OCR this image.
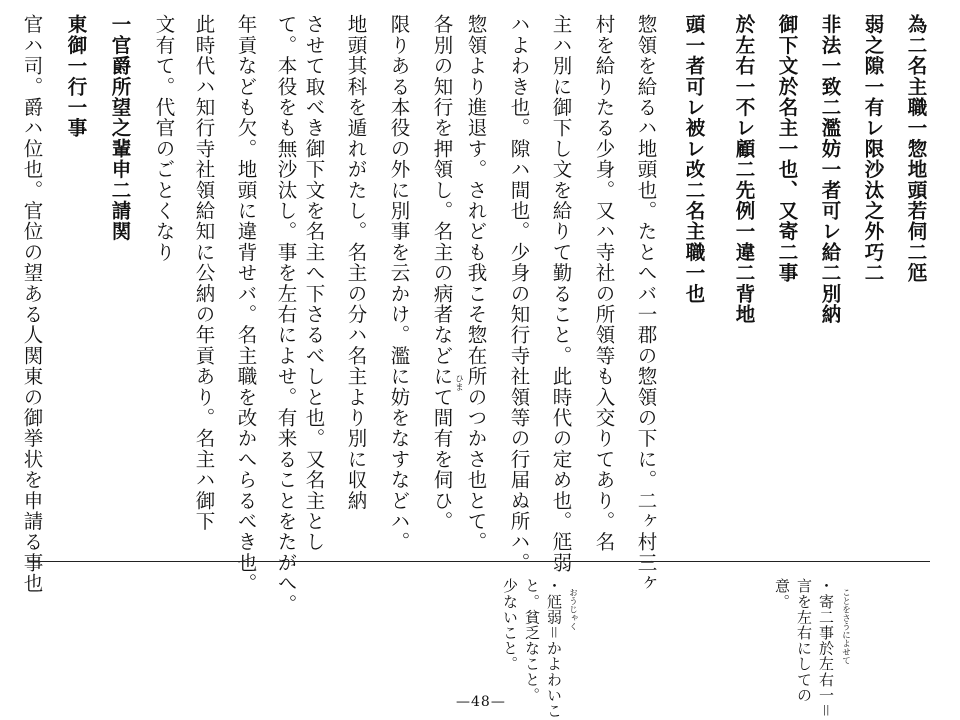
為二名主職一惣地頭若伺二尩
弱之隙一有レ限沙汰之外巧二
非法一致二濫妨一者可レ給二別納
御下文於名主一也、又寄二事
於左右一不レ顧二先例一違二背地
頭一者可レ被レ改二名主職一也
惣領を給るハ地頭也。たとへバ一郡の惣領の下に。二ヶ村三ヶ
村を給りたる少身。又ハ寺社の所領等も入交りてあり。名
主ハ別に御下し文を給りて勤ること。此時代の定め也。尩弱
ハよわき也。隙ハ間也。少身の知行寺社領等の行届ぬ所ハ。
惣領より進退す。されども我こそ惣在所のつかさ也とて。
各別の知行を押領し。名主の病者などにて間有を伺ひ。 ひま
限りある本役の外に別事を云かけ。濫に妨をなすなどハ。
地頭其科を遁れがたし。名主の分ハ名主より別に収納
させて取べき御下文を名主へ下さるべしと也。又名主とし
て。本役をも無沙汰し。事を左右によせ。有来ることをたがへ。
年貢なども欠。地頭に違背せバ。名主職を改かへらるべき也。
此時代ハ知行寺社領給知に公納の年貢あり。名主ハ御下
文有て。代官のごとくなり
一官爵所望之輩申二請関
東御一行一事
官ハ司。爵ハ位也。官位の望ある人関東の御挙状を申請る事也
ことをさうによせて
・寄二事於左右一＝
言を左右にしての
意。
おうじゃく
・尩弱＝かよわいこ
と。貧乏なこと。
少ないこと。
—48—
